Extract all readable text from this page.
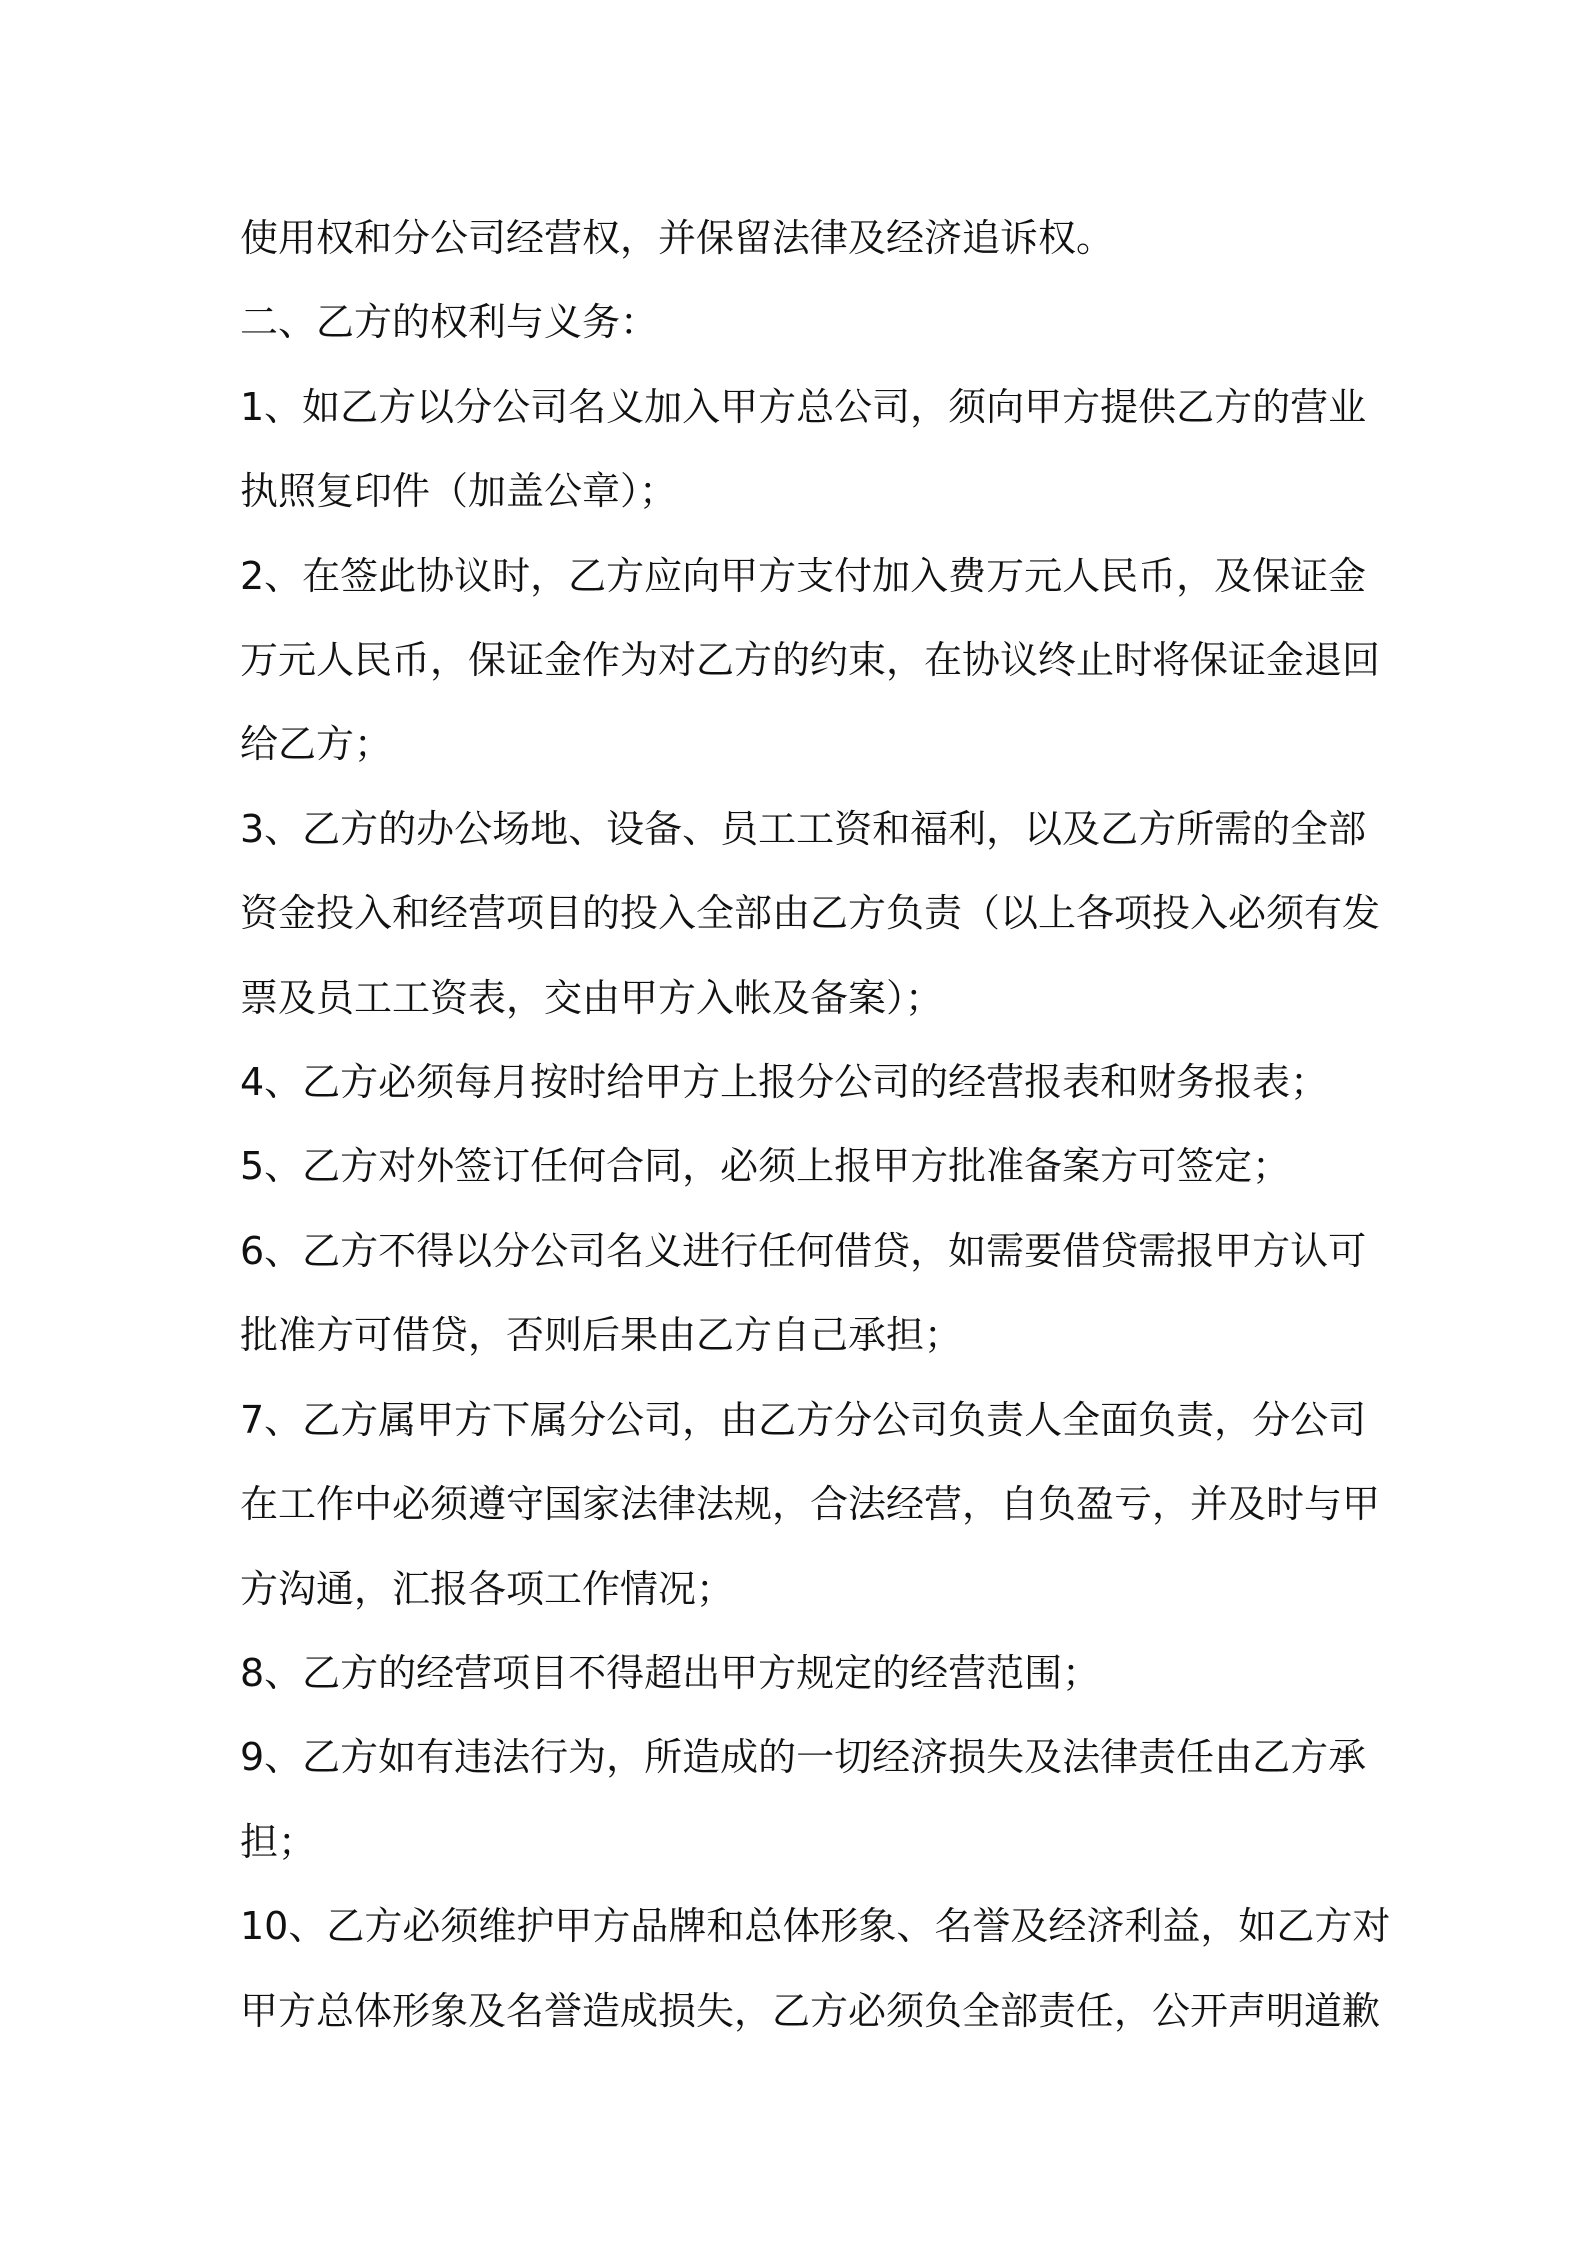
使用权和分公司经营权，并保留法律及经济追诉权。
二、乙方的权利与义务：
1、如乙方以分公司名义加入甲方总公司，须向甲方提供乙方的营业
执照复印件（加盖公章）；
2、在签此协议时，乙方应向甲方支付加入费万元人民币，及保证金
万元人民币，保证金作为对乙方的约束，在协议终止时将保证金退回
给乙方；
3、乙方的办公场地、设备、员工工资和福利，以及乙方所需的全部
资金投入和经营项目的投入全部由乙方负责（以上各项投入必须有发
票及员工工资表，交由甲方入帐及备案）；
4、乙方必须每月按时给甲方上报分公司的经营报表和财务报表；
5、乙方对外签订任何合同，必须上报甲方批准备案方可签定；
6、乙方不得以分公司名义进行任何借贷，如需要借贷需报甲方认可
批准方可借贷，否则后果由乙方自己承担；
7、乙方属甲方下属分公司，由乙方分公司负责人全面负责，分公司
在工作中必须遵守国家法律法规，合法经营，自负盈亏，并及时与甲
方沟通，汇报各项工作情况；
8、乙方的经营项目不得超出甲方规定的经营范围；
9、乙方如有违法行为，所造成的一切经济损失及法律责任由乙方承
担；
10、乙方必须维护甲方品牌和总体形象、名誉及经济利益，如乙方对
甲方总体形象及名誉造成损失，乙方必须负全部责任，公开声明道歉
